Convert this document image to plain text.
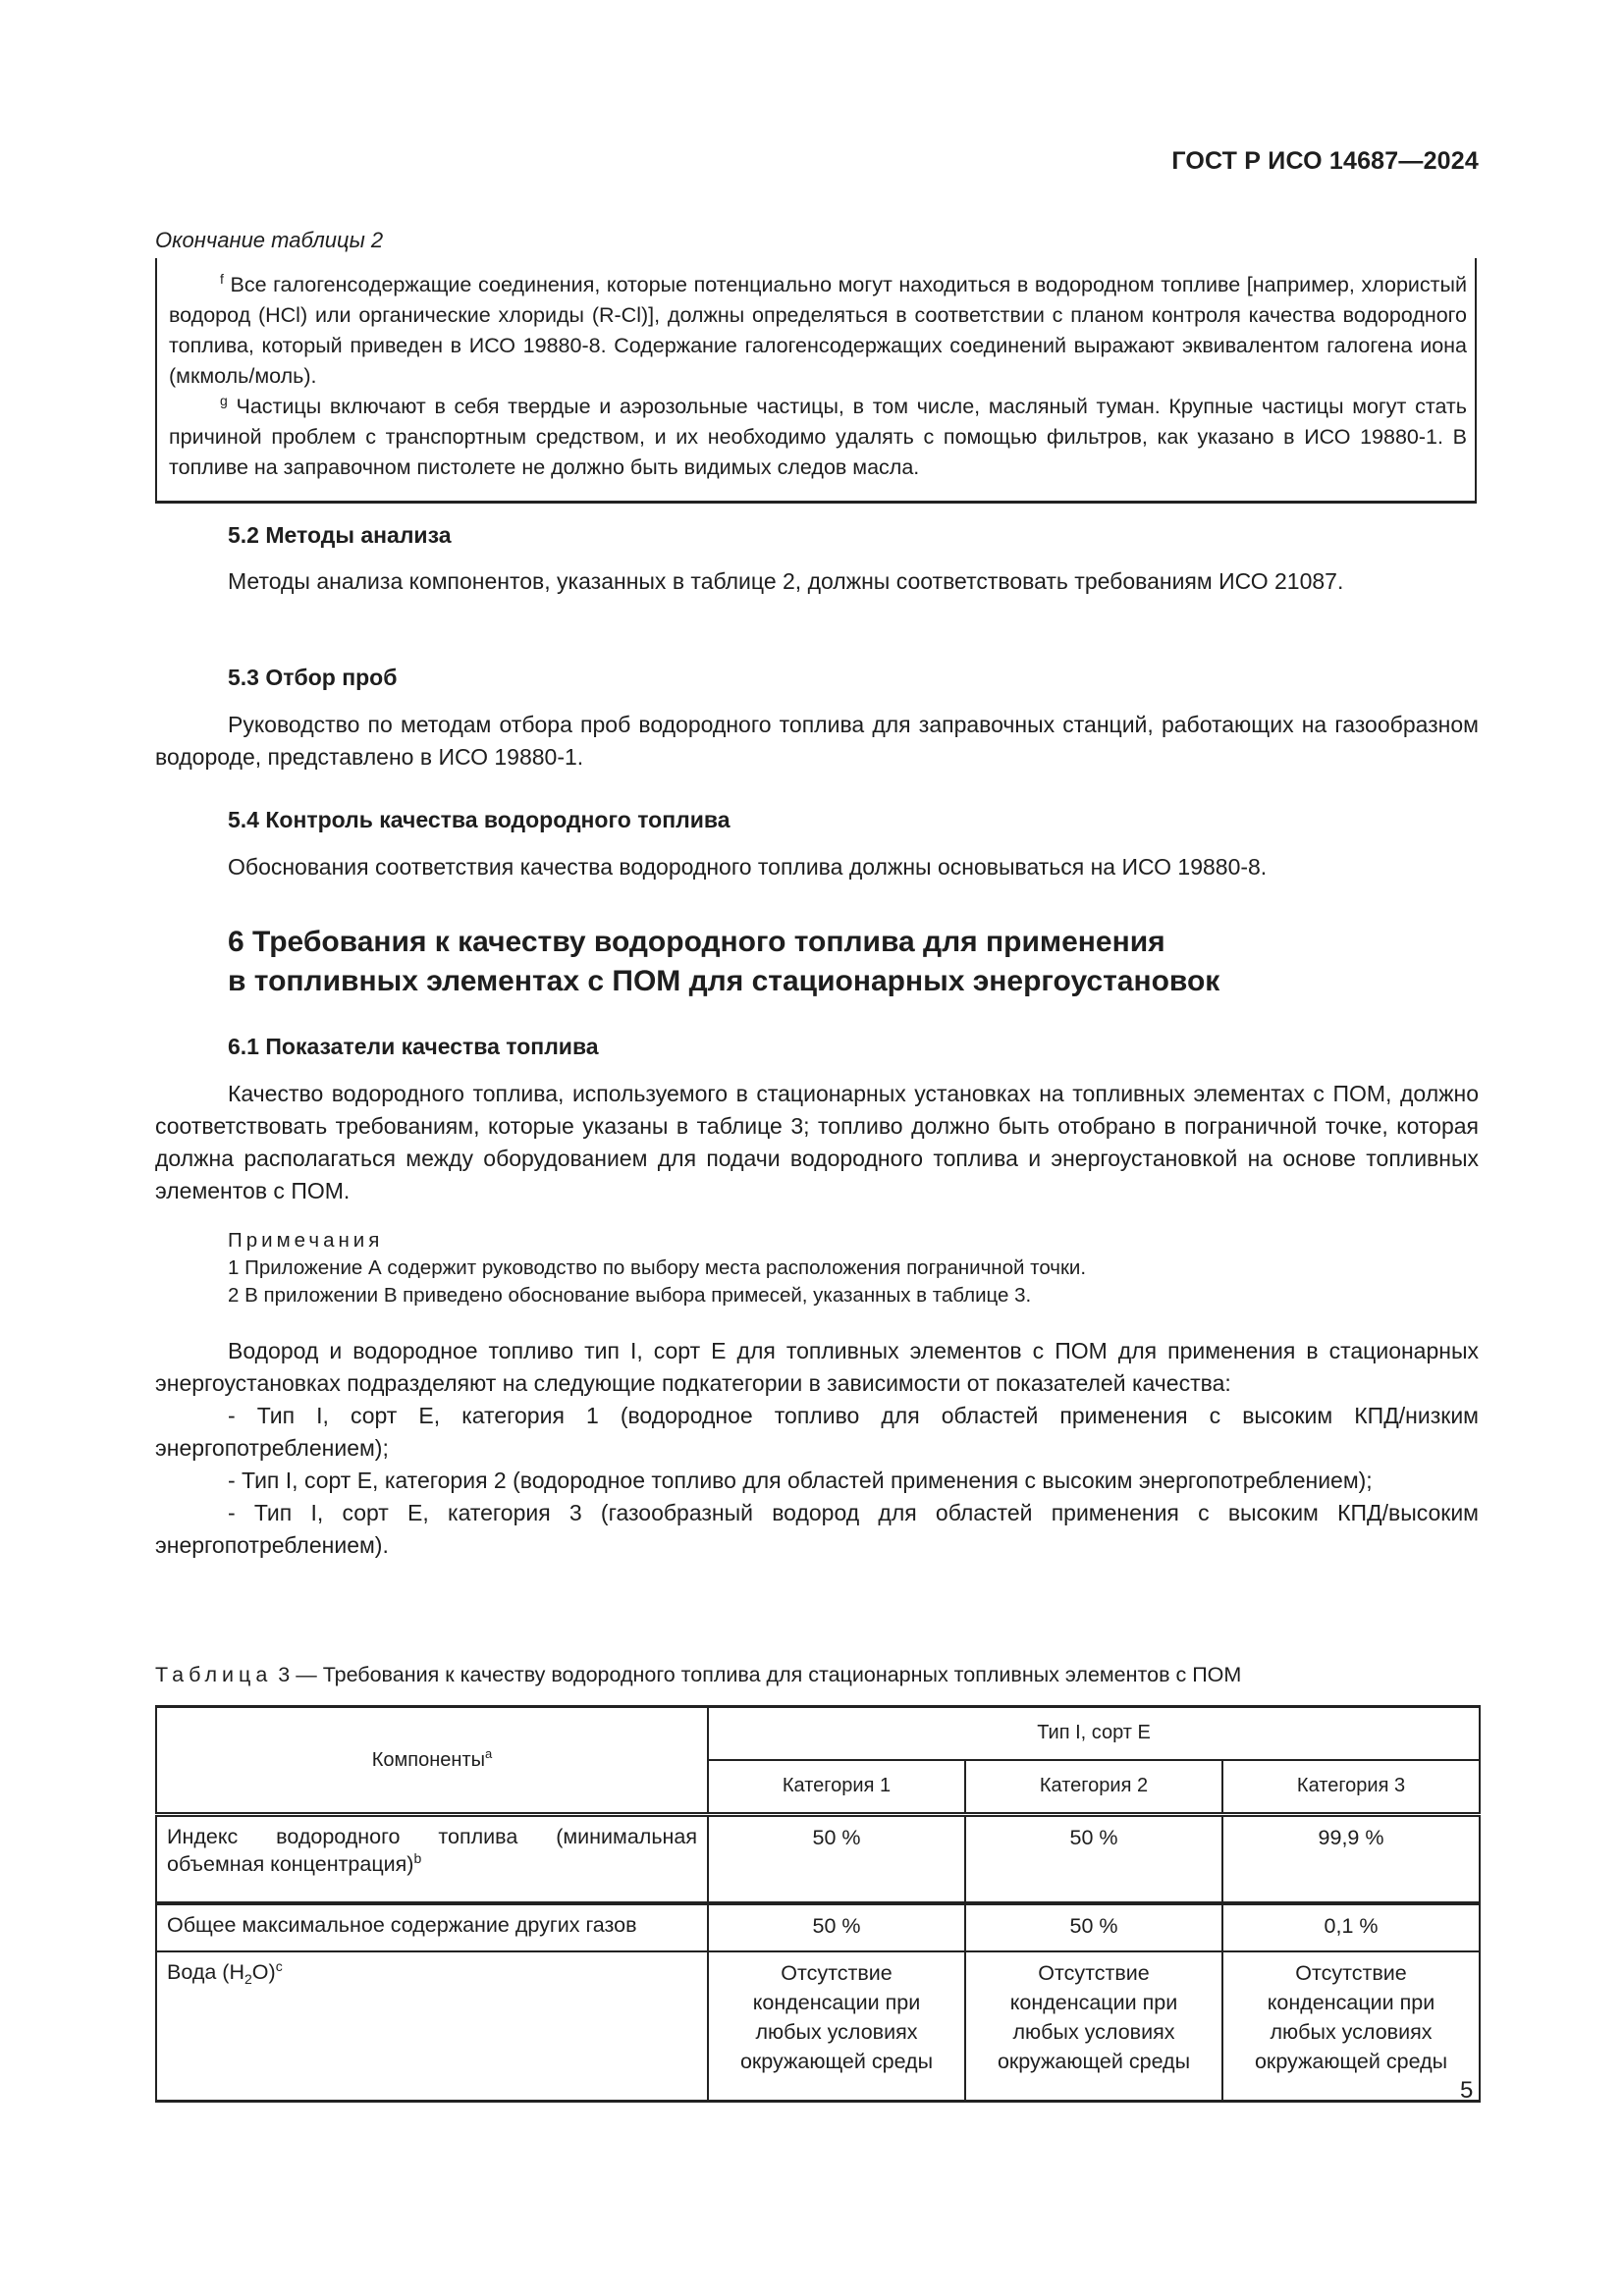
ГОСТ Р ИСО 14687—2024
Окончание таблицы 2

$^f$ Все галогенсодержащие соединения, которые потенциально могут находиться в водородном топливе [например, хлористый водород (HCl) или органические хлориды (R-Cl)], должны определяться в соответствии с планом контроля качества водородного топлива, который приведен в ИСО 19880-8. Содержание галогенсодержащих соединений выражают эквивалентом галогена иона (мкмоль/моль).

$^g$ Частицы включают в себя твердые и аэрозольные частицы, в том числе, масляный туман. Крупные частицы могут стать причиной проблем с транспортным средством, и их необходимо удалять с помощью фильтров, как указано в ИСО 19880-1. В топливе на заправочном пистолете не должно быть видимых следов масла.

5.2 Методы анализа

Методы анализа компонентов, указанных в таблице 2, должны соответствовать требованиям ИСО 21087.

5.3 Отбор проб

Руководство по методам отбора проб водородного топлива для заправочных станций, работающих на газообразном водороде, представлено в ИСО 19880-1.

5.4 Контроль качества водородного топлива

Обоснования соответствия качества водородного топлива должны основываться на ИСО 19880-8.

6 Требования к качеству водородного топлива для применения
в топливных элементах с ПОМ для стационарных энергоустановок
6.1 Показатели качества топлива

Качество водородного топлива, используемого в стационарных установках на топливных элементах с ПОМ, должно соответствовать требованиям, которые указаны в таблице 3; топливо должно быть отобрано в пограничной точке, которая должна располагаться между оборудованием для подачи водородного топлива и энергоустановкой на основе топливных элементов с ПОМ.

Примечания
1 Приложение А содержит руководство по выбору места расположения пограничной точки.
2 В приложении В приведено обоснование выбора примесей, указанных в таблице 3.

Водород и водородное топливо тип I, сорт E для топливных элементов с ПОМ для применения в стационарных энергоустановках подразделяют на следующие подкатегории в зависимости от показателей качества:

- Тип I, сорт E, категория 1 (водородное топливо для областей применения с высоким КПД/низким энергопотреблением);

- Тип I, сорт E, категория 2 (водородное топливо для областей применения с высоким энергопотреблением);

- Тип I, сорт E, категория 3 (газообразный водород для областей применения с высоким КПД/высоким энергопотреблением).

Таблица 3 — Требования к качеству водородного топлива для стационарных топливных элементов с ПОМ
Компоненты$^a$	Тип I, сорт E		
	Категория 1	Категория 2	Категория 3
Индекс водородного топлива (минимальная объемная концентрация)$^b$	50 %	50 %	99,9 %
Общее максимальное содержание других газов	50 %	50 %	0,1 %
Вода $(H_2O)^c$	Отсутствие конденсации при любых условиях окружающей среды	Отсутствие конденсации при любых условиях окружающей среды	Отсутствие конденсации при любых условиях окружающей среды
5
